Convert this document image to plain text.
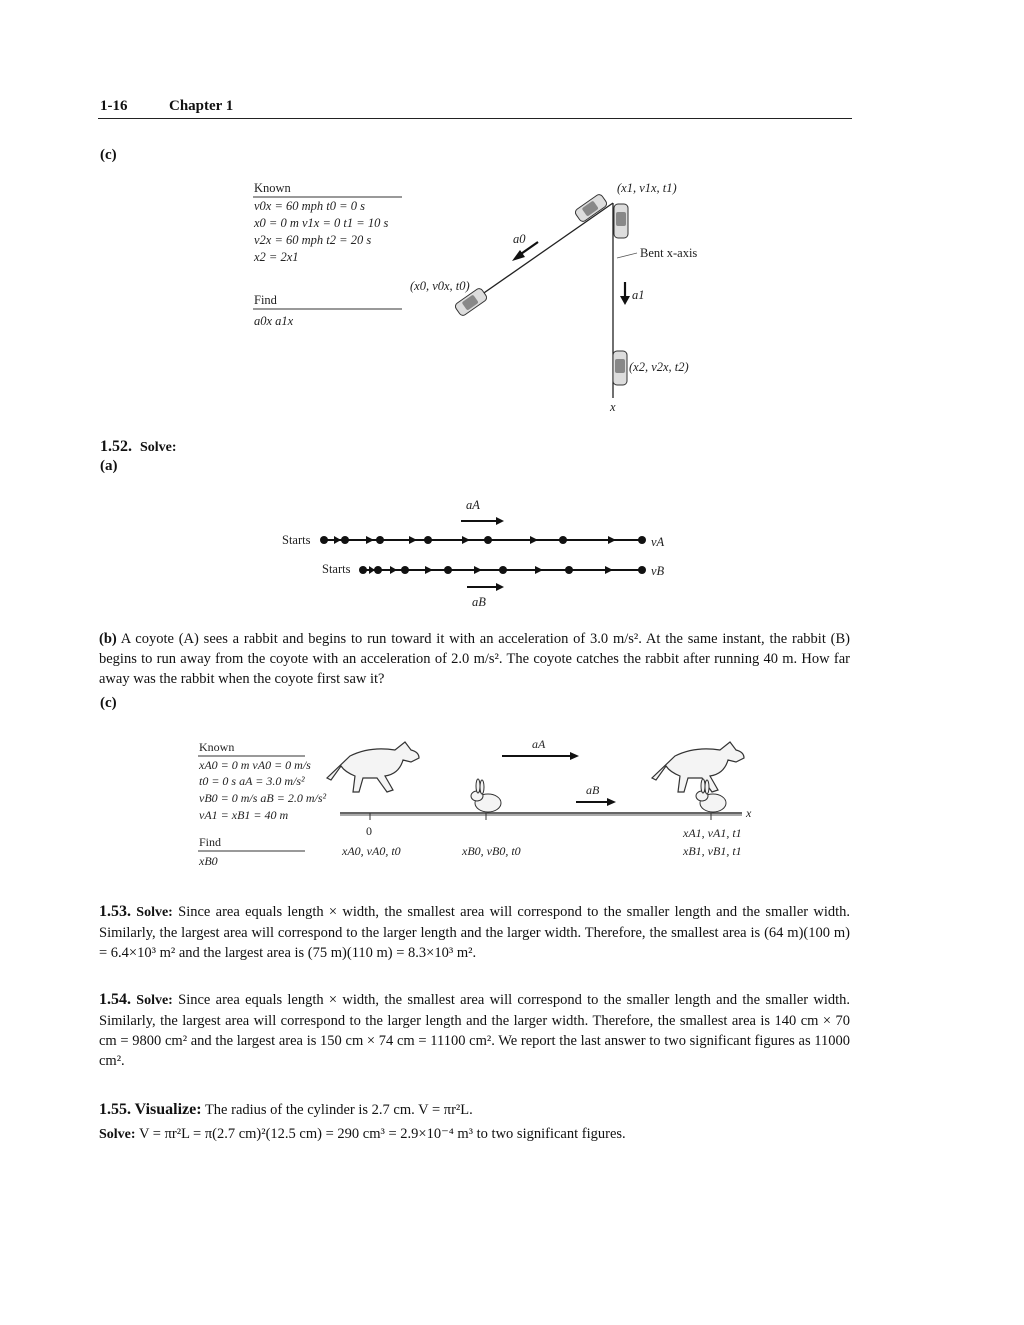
1-16	Chapter 1
(c)
Known
v0x = 60 mph t0 = 0 s
x0 = 0 m v1x = 0 t1 = 10 s
v2x = 60 mph t2 = 20 s
x2 = 2x1
Find
a0x a1x
(x1, v1x, t1)
(x0, v0x, t0)
(x2, v2x, t2)
a0
a1
Bent x-axis
x
1.52. Solve:
(a)
aA
Starts
Starts
vA
vB
aB
(b) A coyote (A) sees a rabbit and begins to run toward it with an acceleration of 3.0 m/s². At the same instant, the rabbit (B) begins to run away from the coyote with an acceleration of 2.0 m/s². The coyote catches the rabbit after running 40 m. How far away was the rabbit when the coyote first saw it?
(c)
Known
xA0 = 0 m vA0 = 0 m/s
t0 = 0 s aA = 3.0 m/s²
vB0 = 0 m/s aB = 2.0 m/s²
vA1 = xB1 = 40 m
Find
xB0
aA
aB
x
0
xA0, vA0, t0	xB0, vB0, t0
xA1, vA1, t1
xB1, vB1, t1
1.53. Solve: Since area equals length × width, the smallest area will correspond to the smaller length and the smaller width. Similarly, the largest area will correspond to the larger length and the larger width. Therefore, the smallest area is (64 m)(100 m) = 6.4×10³ m² and the largest area is (75 m)(110 m) = 8.3×10³ m².
1.54. Solve: Since area equals length × width, the smallest area will correspond to the smaller length and the smaller width. Similarly, the largest area will correspond to the larger length and the larger width. Therefore, the smallest area is 140 cm × 70 cm = 9800 cm² and the largest area is 150 cm × 74 cm = 11100 cm². We report the last answer to two significant figures as 11000 cm².
1.55. Visualize: The radius of the cylinder is 2.7 cm. V = πr²L.
Solve: V = πr²L = π(2.7 cm)²(12.5 cm) = 290 cm³ = 2.9×10⁻⁴ m³ to two significant figures.
